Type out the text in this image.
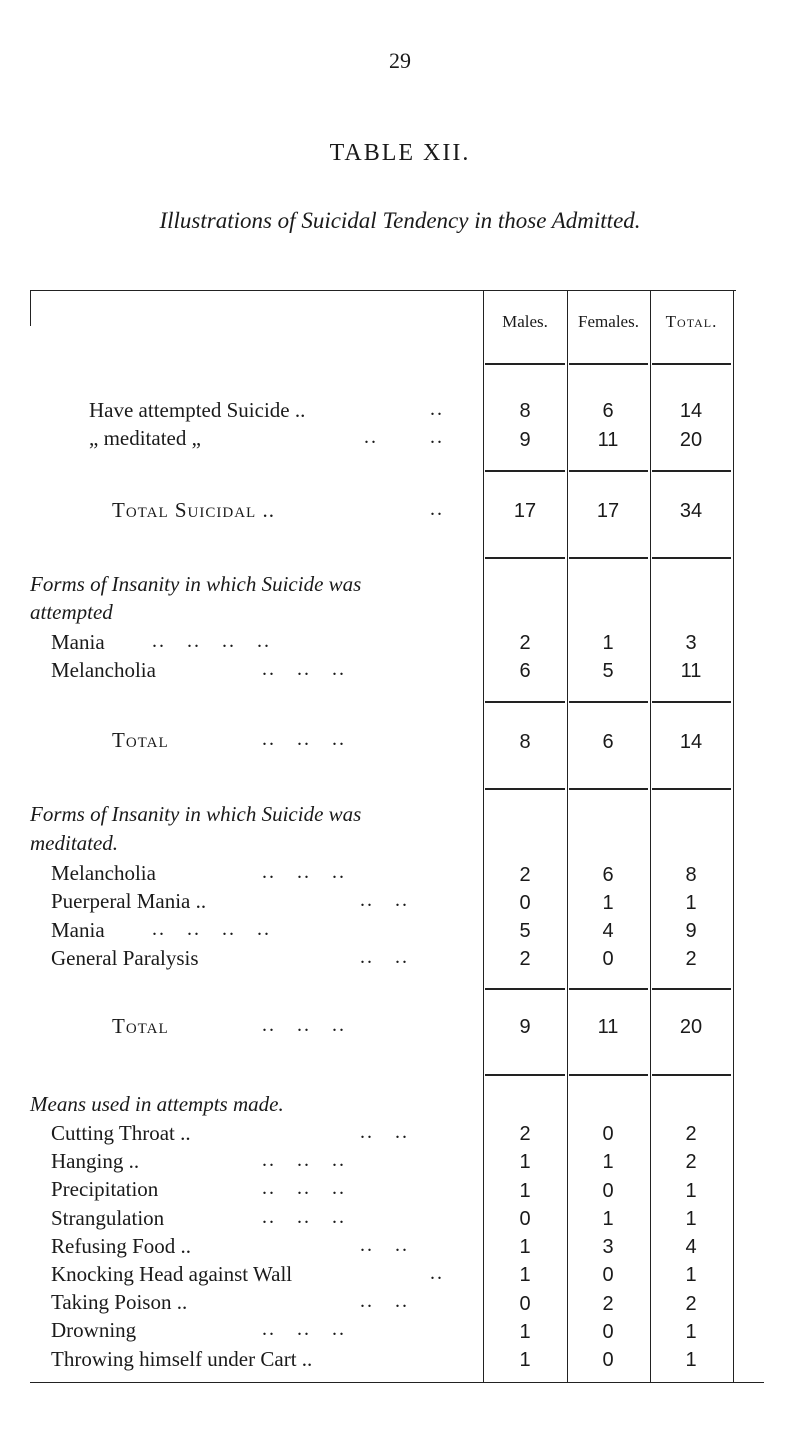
29
TABLE XII.
Illustrations of Suicidal Tendency in those Admitted.
Males.	Females.	Total.
Have attempted Suicide ..	..	8	6	14
„ meditated „	..	..	9	11	20
Total Suicidal ..	..	17	17	34
Forms of Insanity in which Suicide was
attempted
Mania ..   ..   ..   ..	2	1	3
Melancholia	..   ..   ..	6	5	11
Total	..   ..   ..	8	6	14
Forms of Insanity in which Suicide was
meditated.
Melancholia	..   ..   ..	2	6	8
Puerperal Mania ..	..   ..	0	1	1
Mania ..   ..   ..   ..	5	4	9
General Paralysis	..   ..	2	0	2
Total	..   ..   ..	9	11	20
Means used in attempts made.
Cutting Throat ..	..   ..	2	0	2
Hanging ..	..   ..   ..	1	1	2
Precipitation	..   ..   ..	1	0	1
Strangulation	..   ..   ..	0	1	1
Refusing Food ..	..   ..	1	3	4
Knocking Head against Wall	..	1	0	1
Taking Poison ..	..   ..	0	2	2
Drowning	..   ..   ..	1	0	1
Throwing himself under Cart ..	1	0	1
